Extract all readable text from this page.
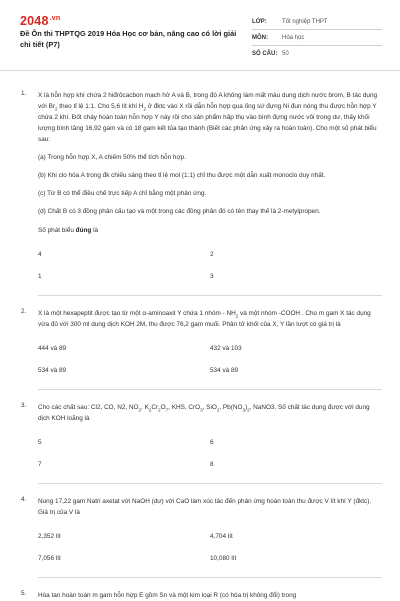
$2048^{.vn}$
Đề Ôn thi THPTQG 2019 Hóa Học cơ bản, nâng cao có lời giải chi tiết (P7)
LỚP:	Tốt nghiệp THPT
MÔN:	Hóa học
SỐ CÂU: 50
1. X là hỗn hợp khí chứa 2 hiđrôcacbon mạch hở A và B, trong đó A không làm mất màu dung dịch nước brom, B tác dụng với $Br_2$ theo tỉ lệ 1:1. Cho 5,6 lít khí $H_2$ ở đktc vào X rồi dẫn hỗn hợp qua ống sứ đựng Ni đun nóng thu được hỗn hợp Y chứa 2 khí. Đốt cháy hoàn toàn hỗn hợp Y này rồi cho sản phẩm hấp thụ vào bình đựng nước vôi trong dư, thấy khối lượng bình tăng 16,92 gam và có 18 gam kết tủa tạo thành (Biết các phản ứng xảy ra hoàn toàn). Cho một số phát biểu sau:
(a) Trong hỗn hợp X, A chiếm 50% thể tích hỗn hợp.
(b) Khi clo hóa A trong đk chiếu sáng theo tỉ lệ mol (1:1) chỉ thu được một dẫn xuất monoclo duy nhất.
(c) Từ B có thể điều chế trực tiếp A chỉ bằng một phản ứng.
(d) Chất B có 3 đồng phân cấu tạo và một trong các đồng phân đó có tên thay thế là 2-metylpropen.
Số phát biểu đúng là
4	2
1	3
2. X là một hexapeptit được tạo từ một α-aminoaxit Y chứa 1 nhóm - $NH_2$ và một nhóm -COOH . Cho m gam X tác dụng vừa đủ với 300 ml dung dịch KOH 2M, thu được 76,2 gam muối. Phân tử khối của X, Y lần lượt có giá trị là
444 và 89	432 và 103
534 và 89	534 và 89
3. Cho các chất sau: Cl2, CO, N2, $NO_2$, $K_2Cr_2O_7$, KHS, CrO$_3$, SiO$_2$, $Pb(NO_3)_2$, NaNO3. Số chất tác dụng được với dung dịch KOH loãng là
5	6
7	8
4. Nung 17,22 gam Natri axetat với NaOH (dư) với CaO làm xúc tác đến phản ứng hoàn toàn thu được V lít khí Y (đktc). Giá trị của V là
2,352 lít	4,704 lít
7,056 lít	10,080 lít
5. Hòa tan hoàn toàn m gam hỗn hợp E gồm Sn và một kim loại R (có hóa trị không đổi) trong
